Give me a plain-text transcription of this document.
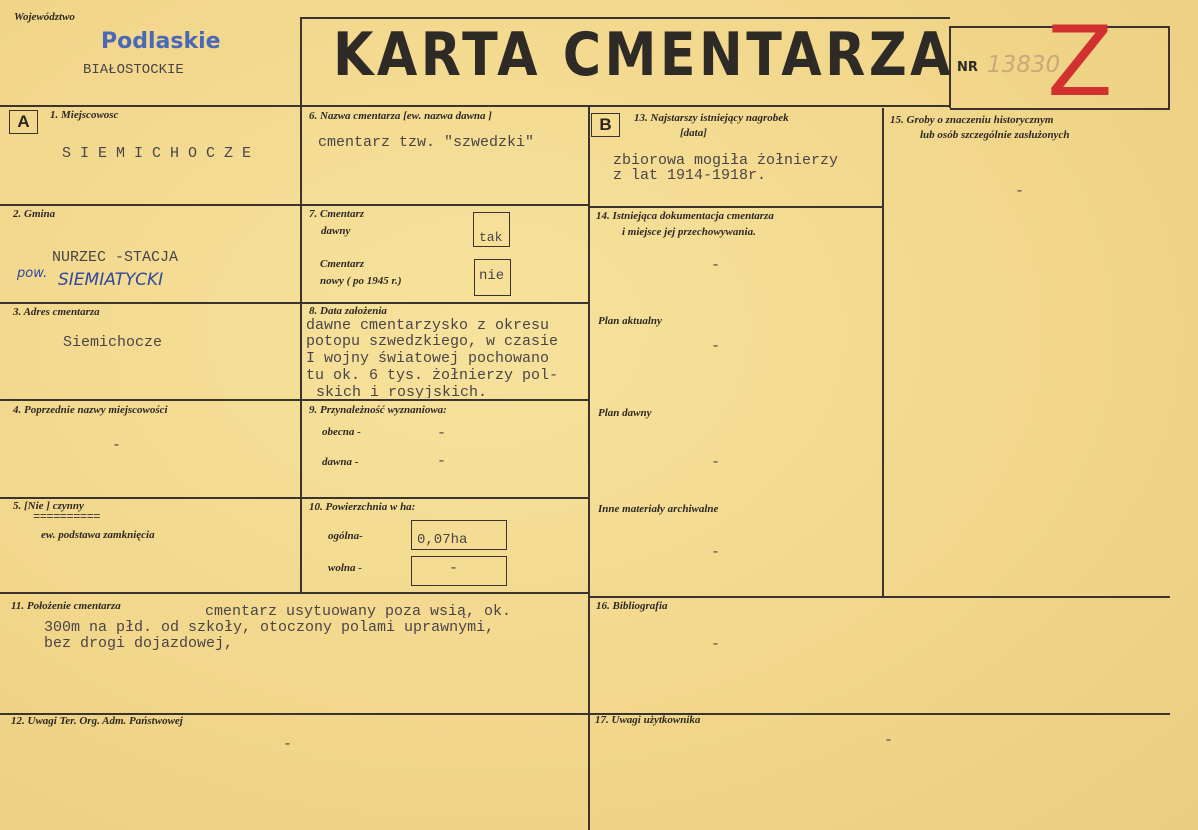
Województwo
Podlaskie
BIAŁOSTOCKIE KARTA CMENTARZA NR 13830
Z
A	B
1. Miejscowosc
S I E M I C H O C Z E
2. Gmina
NURZEC -STACJA
pow. SIEMIATYCKI
3. Adres cmentarza
Siemichocze
4. Poprzednie nazwy miejscowości
-
5. [Nie ] czynny
==========
ew. podstawa zamknięcia
6. Nazwa cmentarza [ew. nazwa dawna ]
cmentarz tzw. "szwedzki"
7. Cmentarz
dawny	tak
Cmentarz
nowy ( po 1945 r.)	nie
8. Data założenia
dawne cmentarzysko z okresu
potopu szwedzkiego, w czasie
I wojny światowej pochowano
tu ok. 6 tys. żołnierzy pol-
skich i rosyjskich.
9. Przynależność wyznaniowa:
obecna -	-
dawna -	-
10. Powierzchnia w ha:
ogólna-	0,07ha
wolna -	-
13. Najstarszy istniejący nagrobek
[data]
zbiorowa mogiła żołnierzy
z lat 1914-1918r.
14. Istniejąca dokumentacja cmentarza
i miejsce jej przechowywania.
-
Plan aktualny
-
Plan dawny
-
Inne materiały archiwalne
-
15. Groby o znaczeniu historycznym
lub osób szczególnie zasłużonych
-
11. Położenie cmentarza	cmentarz usytuowany poza wsią, ok.
300m na płd. od szkoły, otoczony polami uprawnymi,
bez drogi dojazdowej,
16. Bibliografia
-
12. Uwagi Ter. Org. Adm. Państwowej
-
17. Uwagi użytkownika
-
